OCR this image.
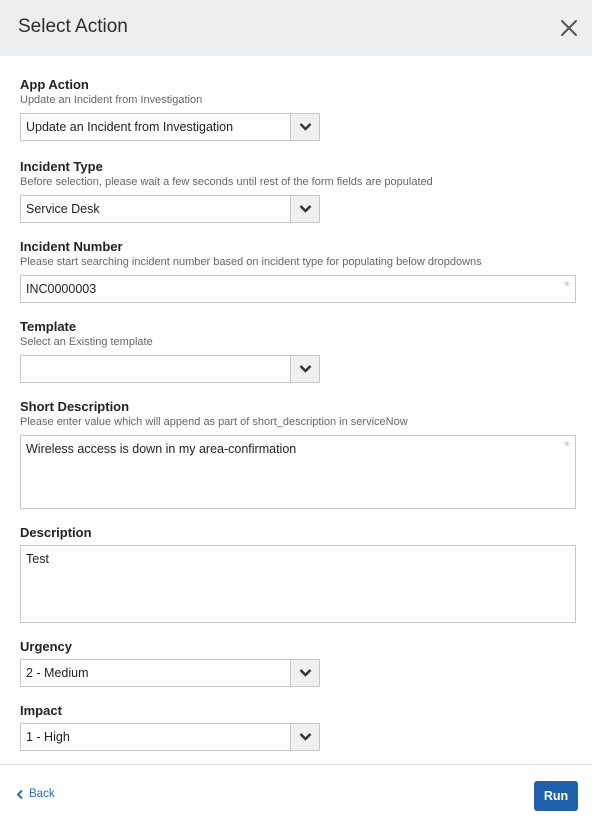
Select Action
App Action
Update an Incident from Investigation
Update an Incident from Investigation
Incident Type
Before selection, please wait a few seconds until rest of the form fields are populated
Service Desk
Incident Number
Please start searching incident number based on incident type for populating below dropdowns
INC0000003	*
Template
Select an Existing template
Short Description
Please enter value which will append as part of short_description in serviceNow
Wireless access is down in my area-confirmation	*
Description
Test
Urgency
2 - Medium
Impact
1 - High
Back	Run
